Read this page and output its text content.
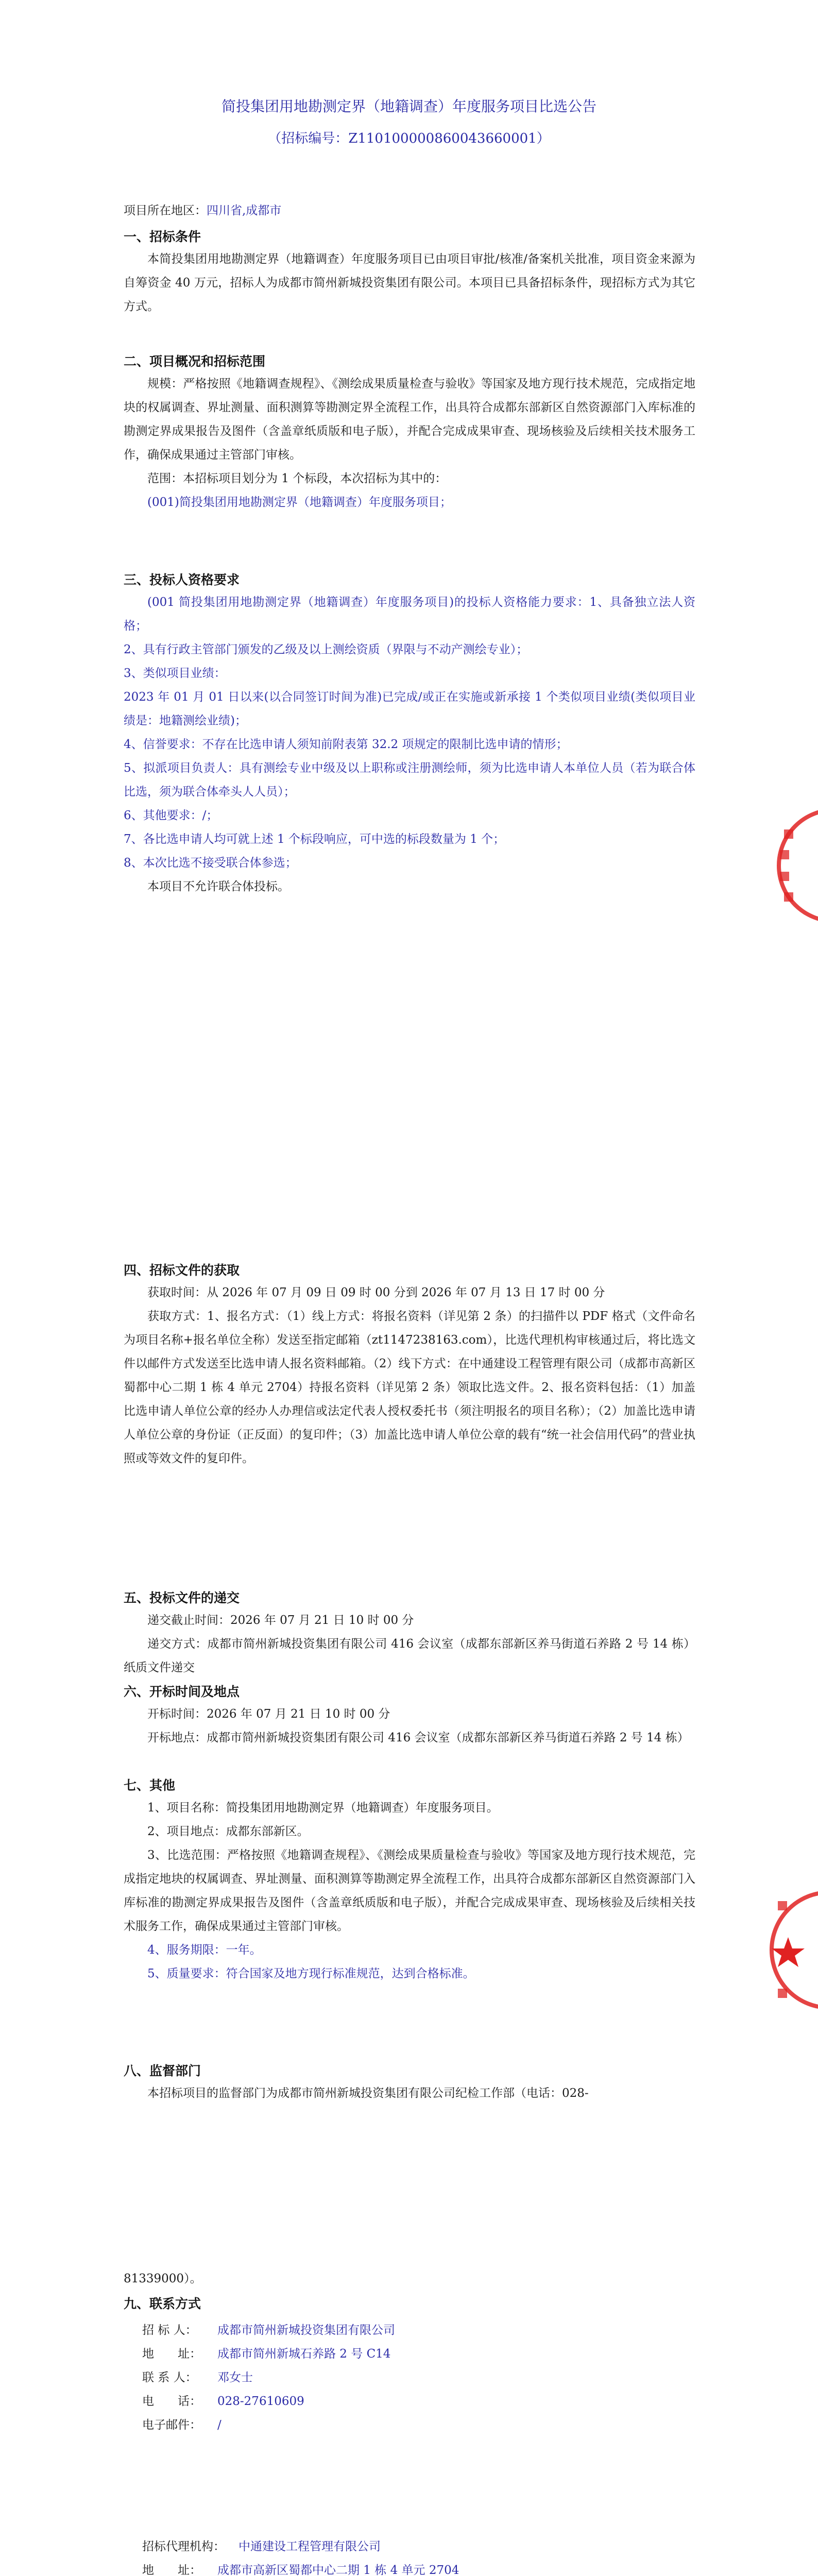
简投集团用地勘测定界（地籍调查）年度服务项目比选公告
（招标编号：Z110100000860043660001）

项目所在地区：四川省,成都市

一、招标条件

本简投集团用地勘测定界（地籍调查）年度服务项目已由项目审批/核准/备案机关批准，项目资金来源为自筹资金 40 万元，招标人为成都市简州新城投资集团有限公司。本项目已具备招标条件，现招标方式为其它方式。

二、项目概况和招标范围

规模：严格按照《地籍调查规程》、《测绘成果质量检查与验收》等国家及地方现行技术规范，完成指定地块的权属调查、界址测量、面积测算等勘测定界全流程工作，出具符合成都东部新区自然资源部门入库标准的勘测定界成果报告及图件（含盖章纸质版和电子版），并配合完成成果审查、现场核验及后续相关技术服务工作，确保成果通过主管部门审核。

范围：本招标项目划分为 1 个标段，本次招标为其中的：

(001)简投集团用地勘测定界（地籍调查）年度服务项目；

三、投标人资格要求

(001 简投集团用地勘测定界（地籍调查）年度服务项目)的投标人资格能力要求：1、具备独立法人资格；

2、具有行政主管部门颁发的乙级及以上测绘资质（界限与不动产测绘专业）；

3、类似项目业绩：

2023 年 01 月 01 日以来(以合同签订时间为准)已完成/或正在实施或新承接 1 个类似项目业绩(类似项目业绩是：地籍测绘业绩)；

4、信誉要求：不存在比选申请人须知前附表第 32.2 项规定的限制比选申请的情形；

5、拟派项目负责人：具有测绘专业中级及以上职称或注册测绘师，须为比选申请人本单位人员（若为联合体比选，须为联合体牵头人人员）；

6、其他要求：/；

7、各比选申请人均可就上述 1 个标段响应，可中选的标段数量为 1 个；

8、本次比选不接受联合体参选；

本项目不允许联合体投标。

四、招标文件的获取

获取时间：从 2026 年 07 月 09 日 09 时 00 分到 2026 年 07 月 13 日 17 时 00 分

获取方式：1、报名方式：（1）线上方式：将报名资料（详见第 2 条）的扫描件以 PDF 格式（文件命名为项目名称+报名单位全称）发送至指定邮箱（zt1147238163.com），比选代理机构审核通过后，将比选文件以邮件方式发送至比选申请人报名资料邮箱。（2）线下方式：在中通建设工程管理有限公司（成都市高新区蜀都中心二期 1 栋 4 单元 2704）持报名资料（详见第 2 条）领取比选文件。2、报名资料包括：（1）加盖比选申请人单位公章的经办人办理信或法定代表人授权委托书（须注明报名的项目名称）；（2）加盖比选申请人单位公章的身份证（正反面）的复印件；（3）加盖比选申请人单位公章的载有“统一社会信用代码”的营业执照或等效文件的复印件。

五、投标文件的递交

递交截止时间：2026 年 07 月 21 日 10 时 00 分

递交方式：成都市简州新城投资集团有限公司 416 会议室（成都东部新区养马街道石养路 2 号 14 栋）纸质文件递交

六、开标时间及地点

开标时间：2026 年 07 月 21 日 10 时 00 分

开标地点：成都市简州新城投资集团有限公司 416 会议室（成都东部新区养马街道石养路 2 号 14 栋）

七、其他

1、项目名称：简投集团用地勘测定界（地籍调查）年度服务项目。

2、项目地点：成都东部新区。

3、比选范围：严格按照《地籍调查规程》、《测绘成果质量检查与验收》等国家及地方现行技术规范，完成指定地块的权属调查、界址测量、面积测算等勘测定界全流程工作，出具符合成都东部新区自然资源部门入库标准的勘测定界成果报告及图件（含盖章纸质版和电子版），并配合完成成果审查、现场核验及后续相关技术服务工作，确保成果通过主管部门审核。

4、服务期限：一年。

5、质量要求：符合国家及地方现行标准规范，达到合格标准。

八、监督部门

本招标项目的监督部门为成都市简州新城投资集团有限公司纪检工作部（电话：028-

81339000）。

九、联系方式

招 标 人： 成都市简州新城投资集团有限公司

地　　址： 成都市简州新城石养路 2 号 C14

联 系 人： 邓女士

电　　话： 028-27610609

电子邮件： /

招标代理机构： 中通建设工程管理有限公司

地　　址： 成都市高新区蜀都中心二期 1 栋 4 单元 2704
